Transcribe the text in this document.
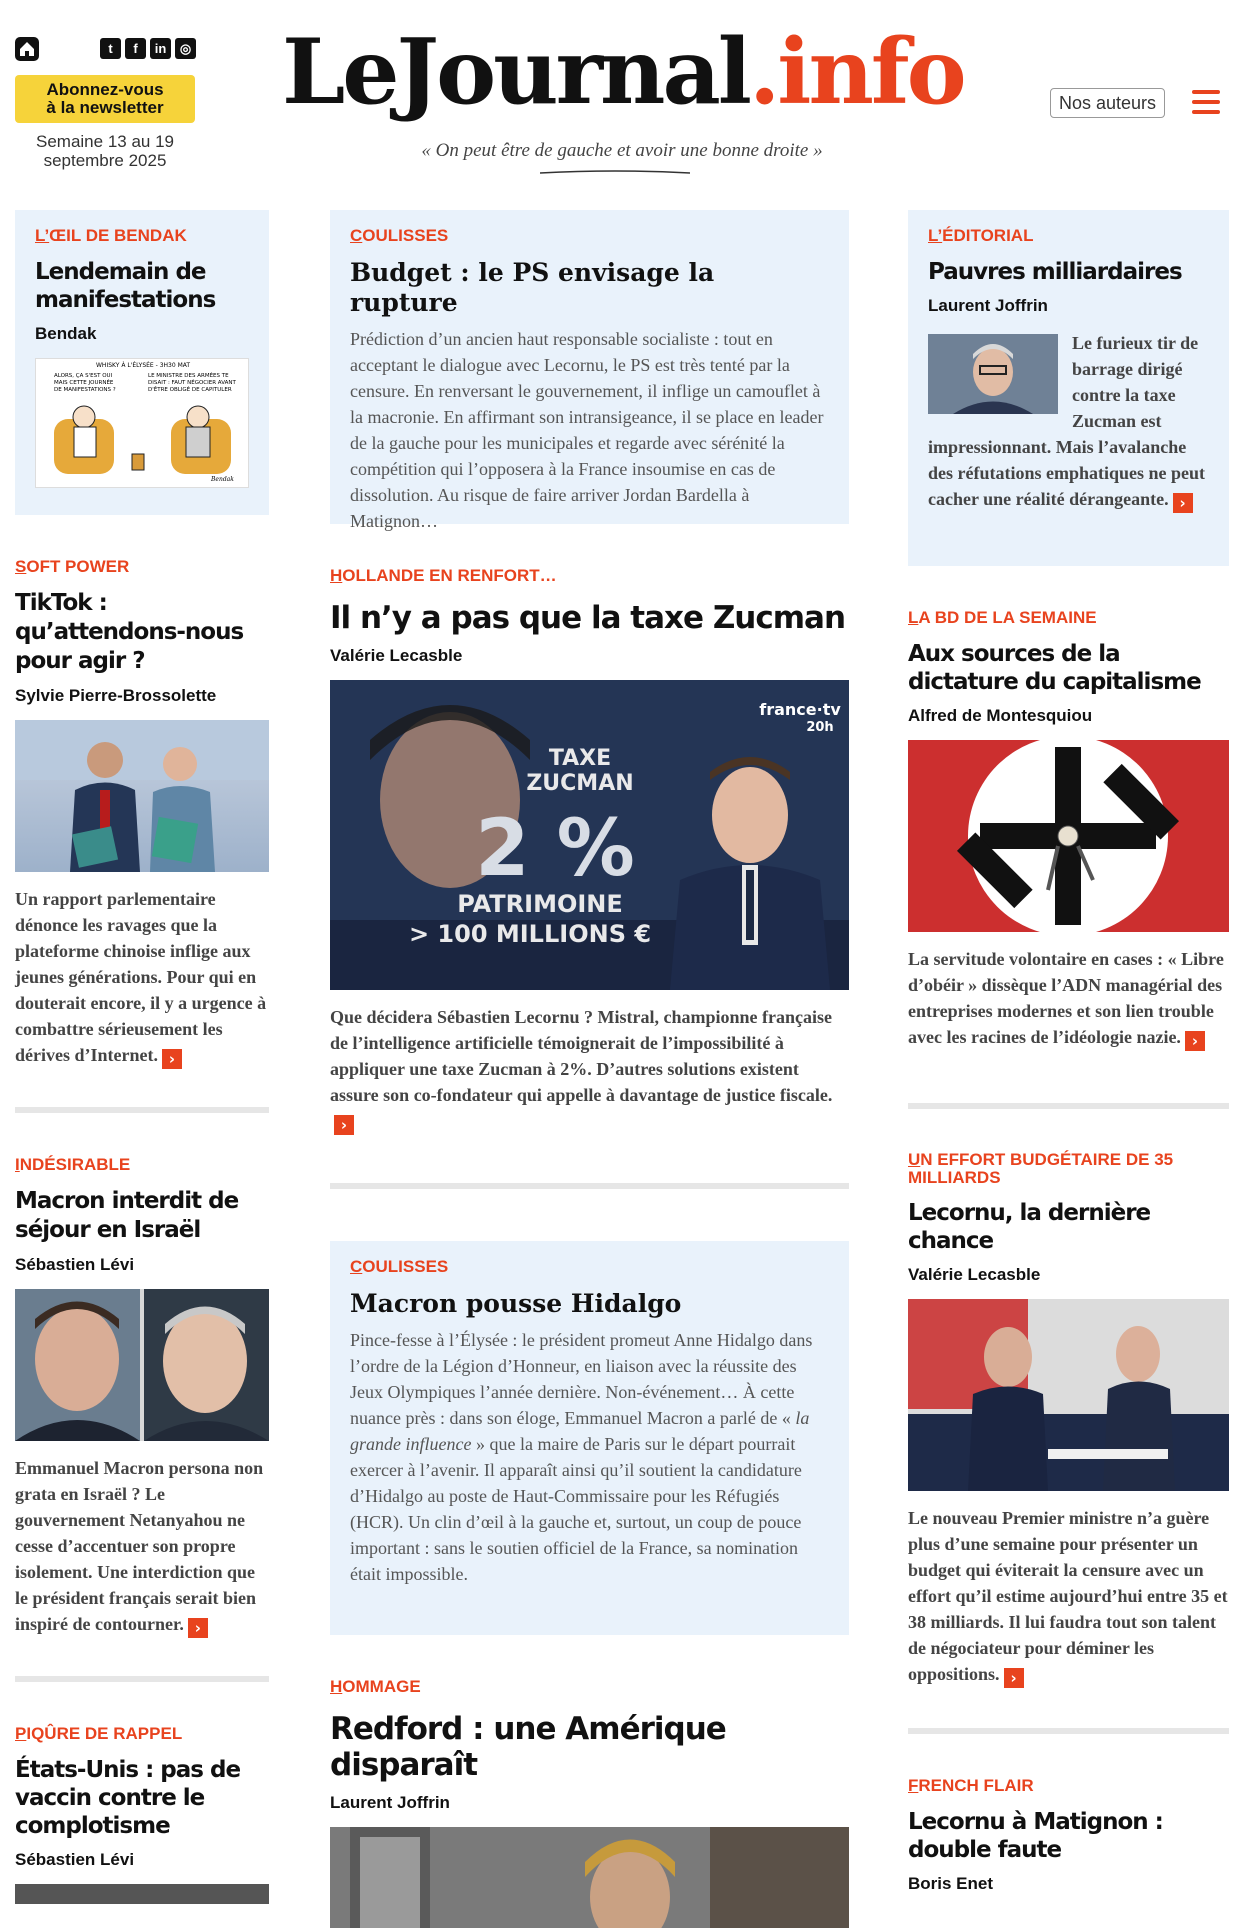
t	f	in	◎
Abonnez-vous
à la newsletter
Semaine 13 au 19
septembre 2025
LeJournal.info
« On peut être de gauche et avoir une bonne droite »
Nos auteurs
L’ŒIL DE BENDAK
Lendemain de manifestations
Bendak
WHISKY À L'ÉLYSÉE - 3H30 MAT
ALORS, ÇA S'EST OUI
MAIS CETTE JOURNÉE
DE MANIFESTATIONS ?
LE MINISTRE DES ARMÉES TE
DISAIT : FAUT NÉGOCIER AVANT
D'ÊTRE OBLIGÉ DE CAPITULER
Bendak
SOFT POWER
TikTok : qu’attendons-nous pour agir ?
Sylvie Pierre-Brossolette
Un rapport parlementaire dénonce les ravages que la plateforme chinoise inflige aux jeunes générations. Pour qui en douterait encore, il y a urgence à combattre sérieusement les dérives d’Internet. ›
INDÉSIRABLE
Macron interdit de séjour en Israël
Sébastien Lévi
Emmanuel Macron persona non grata en Israël ? Le gouvernement Netanyahou ne cesse d’accentuer son propre isolement. Une interdiction que le président français serait bien inspiré de contourner. ›
PIQÛRE DE RAPPEL
États-Unis : pas de vaccin contre le complotisme
Sébastien Lévi
COULISSES
Budget : le PS envisage la rupture
Prédiction d’un ancien haut responsable socialiste : tout en acceptant le dialogue avec Lecornu, le PS est très tenté par la censure. En renversant le gouvernement, il inflige un camouflet à la macronie. En affirmant son intransigeance, il se place en leader de la gauche pour les municipales et regarde avec sérénité la compétition qui l’opposera à la France insoumise en cas de dissolution. Au risque de faire arriver Jordan Bardella à Matignon…
HOLLANDE EN RENFORT…
Il n’y a pas que la taxe Zucman
Valérie Lecasble
TAXE
ZUCMAN
2 %
PATRIMOINE
> 100 MILLIONS €
france·tv
20h
Que décidera Sébastien Lecornu ? Mistral, championne française de l’intelligence artificielle témoignerait de l’impossibilité à appliquer une taxe Zucman à 2%. D’autres solutions existent assure son co-fondateur qui appelle à davantage de justice fiscale.›
COULISSES
Macron pousse Hidalgo
Pince-fesse à l’Élysée : le président promeut Anne Hidalgo dans l’ordre de la Légion d’Honneur, en liaison avec la réussite des Jeux Olympiques l’année dernière. Non-événement… À cette nuance près : dans son éloge, Emmanuel Macron a parlé de « la grande influence » que la maire de Paris sur le départ pourrait exercer à l’avenir. Il apparaît ainsi qu’il soutient la candidature d’Hidalgo au poste de Haut-Commissaire pour les Réfugiés (HCR). Un clin d’œil à la gauche et, surtout, un coup de pouce important : sans le soutien officiel de la France, sa nomination était impossible.
HOMMAGE
Redford : une Amérique disparaît
Laurent Joffrin
L’ÉDITORIAL
Pauvres milliardaires
Laurent Joffrin
Le furieux tir de barrage dirigé contre la taxe Zucman est impressionnant. Mais l’avalanche des réfutations emphatiques ne peut cacher une réalité dérangeante. ›
LA BD DE LA SEMAINE
Aux sources de la dictature du capitalisme
Alfred de Montesquiou
La servitude volontaire en cases : « Libre d’obéir » dissèque l’ADN managérial des entreprises modernes et son lien trouble avec les racines de l’idéologie nazie. ›
UN EFFORT BUDGÉTAIRE DE 35 MILLIARDS
Lecornu, la dernière chance
Valérie Lecasble
Le nouveau Premier ministre n’a guère plus d’une semaine pour présenter un budget qui éviterait la censure avec un effort qu’il estime aujourd’hui entre 35 et 38 milliards. Il lui faudra tout son talent de négociateur pour déminer les oppositions. ›
FRENCH FLAIR
Lecornu à Matignon : double faute
Boris Enet
